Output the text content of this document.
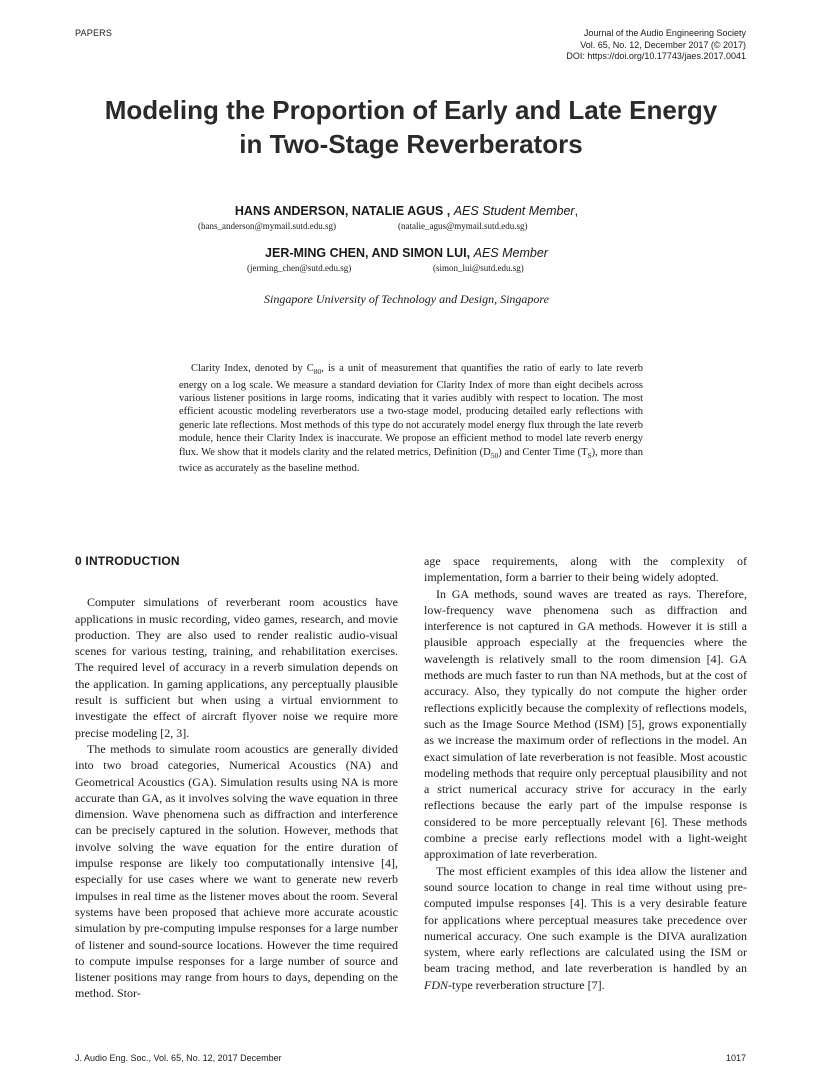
PAPERS	Journal of the Audio Engineering Society
Vol. 65, No. 12, December 2017 (© 2017)
DOI: https://doi.org/10.17743/jaes.2017.0041
Modeling the Proportion of Early and Late Energy
in Two-Stage Reverberators
HANS ANDERSON, NATALIE AGUS , AES Student Member,
(hans_anderson@mymail.sutd.edu.sg)	(natalie_agus@mymail.sutd.edu.sg)
JER-MING CHEN, AND SIMON LUI, AES Member
(jerming_chen@sutd.edu.sg)	(simon_lui@sutd.edu.sg)
Singapore University of Technology and Design, Singapore
Clarity Index, denoted by $C_{80}$, is a unit of measurement that quantifies the ratio of early to late reverb energy on a log scale. We measure a standard deviation for Clarity Index of more than eight decibels across various listener positions in large rooms, indicating that it varies audibly with respect to location. The most efficient acoustic modeling reverberators use a two-stage model, producing detailed early reflections with generic late reflections. Most methods of this type do not accurately model energy flux through the late reverb module, hence their Clarity Index is inaccurate. We propose an efficient method to model late reverb energy flux. We show that it models clarity and the related metrics, Definition $(D_{50})$ and Center Time $(T_S)$, more than twice as accurately as the baseline method.
0 INTRODUCTION

Computer simulations of reverberant room acoustics have applications in music recording, video games, research, and movie production. They are also used to render realistic audio-visual scenes for various testing, training, and rehabilitation exercises. The required level of accuracy in a reverb simulation depends on the application. In gaming applications, any perceptually plausible result is sufficient but when using a virtual enviornment to investigate the effect of aircraft flyover noise we require more precise modeling [2, 3].

The methods to simulate room acoustics are generally divided into two broad categories, Numerical Acoustics (NA) and Geometrical Acoustics (GA). Simulation results using NA is more accurate than GA, as it involves solving the wave equation in three dimension. Wave phenomena such as diffraction and interference can be precisely captured in the solution. However, methods that involve solving the wave equation for the entire duration of impulse response are likely too computationally intensive [4], especially for use cases where we want to generate new reverb impulses in real time as the listener moves about the room. Several systems have been proposed that achieve more accurate acoustic simulation by pre-computing impulse responses for a large number of listener and sound-source locations. However the time required to compute impulse responses for a large number of source and listener positions may range from hours to days, depending on the method. Stor-

age space requirements, along with the complexity of implementation, form a barrier to their being widely adopted.

In GA methods, sound waves are treated as rays. Therefore, low-frequency wave phenomena such as diffraction and interference is not captured in GA methods. However it is still a plausible approach especially at the frequencies where the wavelength is relatively small to the room dimension [4]. GA methods are much faster to run than NA methods, but at the cost of accuracy. Also, they typically do not compute the higher order reflections explicitly because the complexity of reflections models, such as the Image Source Method (ISM) [5], grows exponentially as we increase the maximum order of reflections in the model. An exact simulation of late reverberation is not feasible. Most acoustic modeling methods that require only perceptual plausibility and not a strict numerical accuracy strive for accuracy in the early reflections because the early part of the impulse response is considered to be more perceptually relevant [6]. These methods combine a precise early reflections model with a light-weight approximation of late reverberation.

The most efficient examples of this idea allow the listener and sound source location to change in real time without using pre-computed impulse responses [4]. This is a very desirable feature for applications where perceptual measures take precedence over numerical accuracy. One such example is the DIVA auralization system, where early reflections are calculated using the ISM or beam tracing method, and late reverberation is handled by an FDN-type reverberation structure [7].

J. Audio Eng. Soc., Vol. 65, No. 12, 2017 December	1017
